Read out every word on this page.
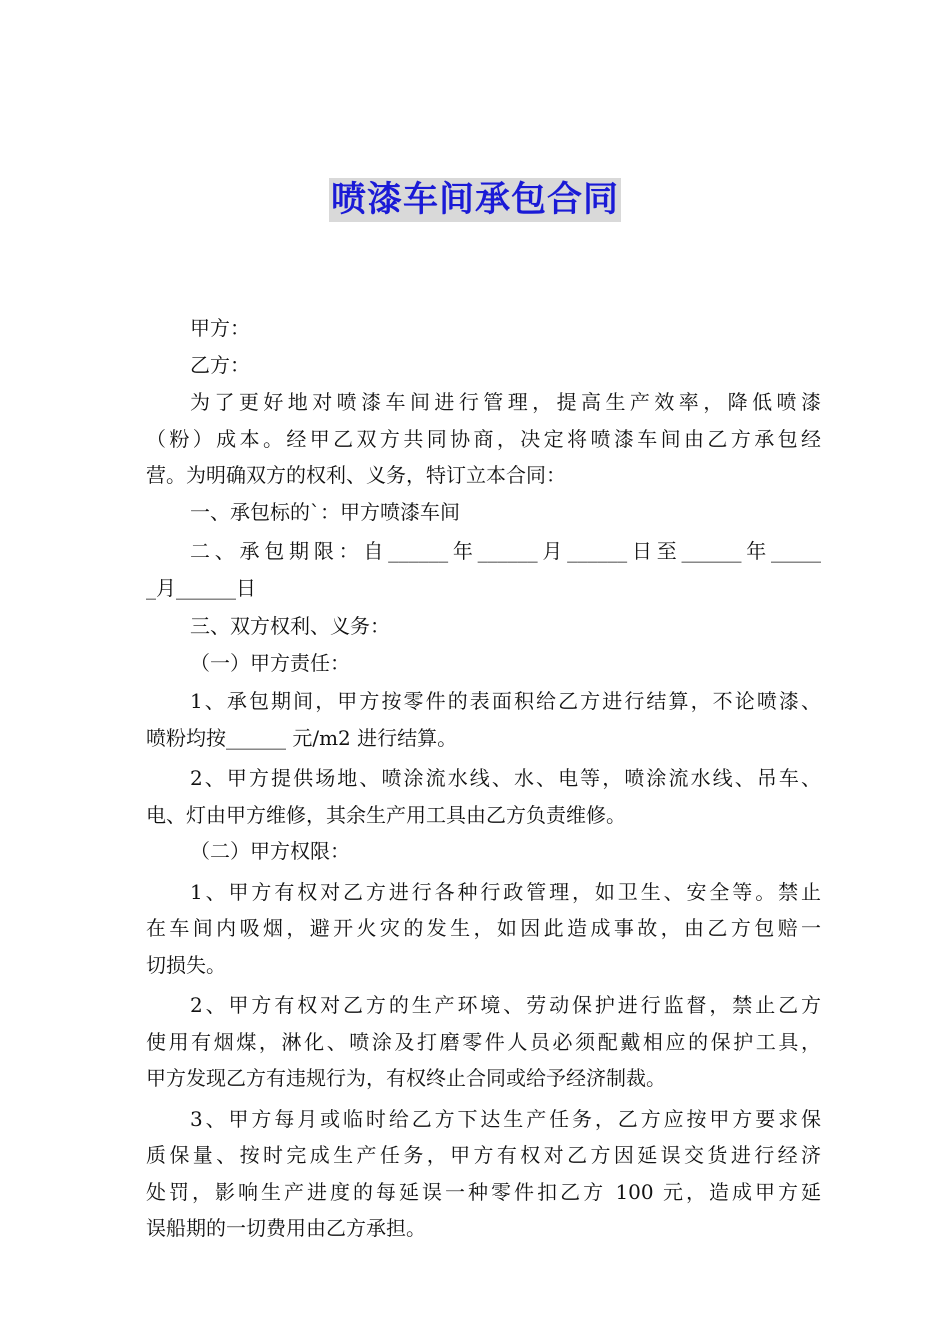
喷漆车间承包合同
甲方：
乙方：
为了更好地对喷漆车间进行管理，提高生产效率，降低喷漆
（粉）成本。经甲乙双方共同协商，决定将喷漆车间由乙方承包经
营。为明确双方的权利、义务，特订立本合同：
一、承包标的`：甲方喷漆车间
二、承包期限：自______年______月______日至______年_____
_月______日
三、双方权利、义务：
（一）甲方责任：
1、承包期间，甲方按零件的表面积给乙方进行结算，不论喷漆、
喷粉均按______ 元/m2 进行结算。
2、甲方提供场地、喷涂流水线、水、电等，喷涂流水线、吊车、
电、灯由甲方维修，其余生产用工具由乙方负责维修。
（二）甲方权限：
1、甲方有权对乙方进行各种行政管理，如卫生、安全等。禁止
在车间内吸烟，避开火灾的发生，如因此造成事故，由乙方包赔一
切损失。
2、甲方有权对乙方的生产环境、劳动保护进行监督，禁止乙方
使用有烟煤，淋化、喷涂及打磨零件人员必须配戴相应的保护工具，
甲方发现乙方有违规行为，有权终止合同或给予经济制裁。
3、甲方每月或临时给乙方下达生产任务，乙方应按甲方要求保
质保量、按时完成生产任务，甲方有权对乙方因延误交货进行经济
处罚，影响生产进度的每延误一种零件扣乙方 100 元，造成甲方延
误船期的一切费用由乙方承担。
